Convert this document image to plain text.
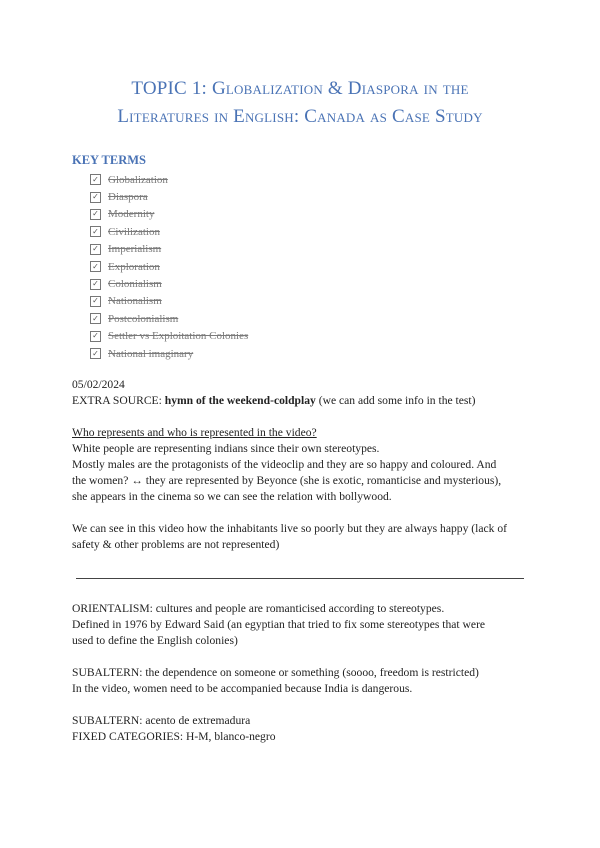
TOPIC 1: Globalization & Diaspora in the
Literatures in English: Canada as Case Study
KEY TERMS
✓ Globalization
✓ Diaspora
✓ Modernity
✓ Civilization
✓ Imperialism
✓ Exploration
✓ Colonialism
✓ Nationalism
✓ Postcolonialism
✓ Settler vs Exploitation Colonies
✓ National imaginary

05/02/2024

EXTRA SOURCE: hymn of the weekend-coldplay (we can add some info in the test)

Who represents and who is represented in the video?

White people are representing indians since their own stereotypes.

Mostly males are the protagonists of the videoclip and they are so happy and coloured. And

the women? ↔ they are represented by Beyonce (she is exotic, romanticise and mysterious),

she appears in the cinema so we can see the relation with bollywood.

We can see in this video how the inhabitants live so poorly but they are always happy (lack of

safety & other problems are not represented)

ORIENTALISM: cultures and people are romanticised according to stereotypes.

Defined in 1976 by Edward Said (an egyptian that tried to fix some stereotypes that were

used to define the English colonies)

SUBALTERN: the dependence on someone or something (soooo, freedom is restricted)

In the video, women need to be accompanied because India is dangerous.

SUBALTERN: acento de extremadura

FIXED CATEGORIES: H-M, blanco-negro
